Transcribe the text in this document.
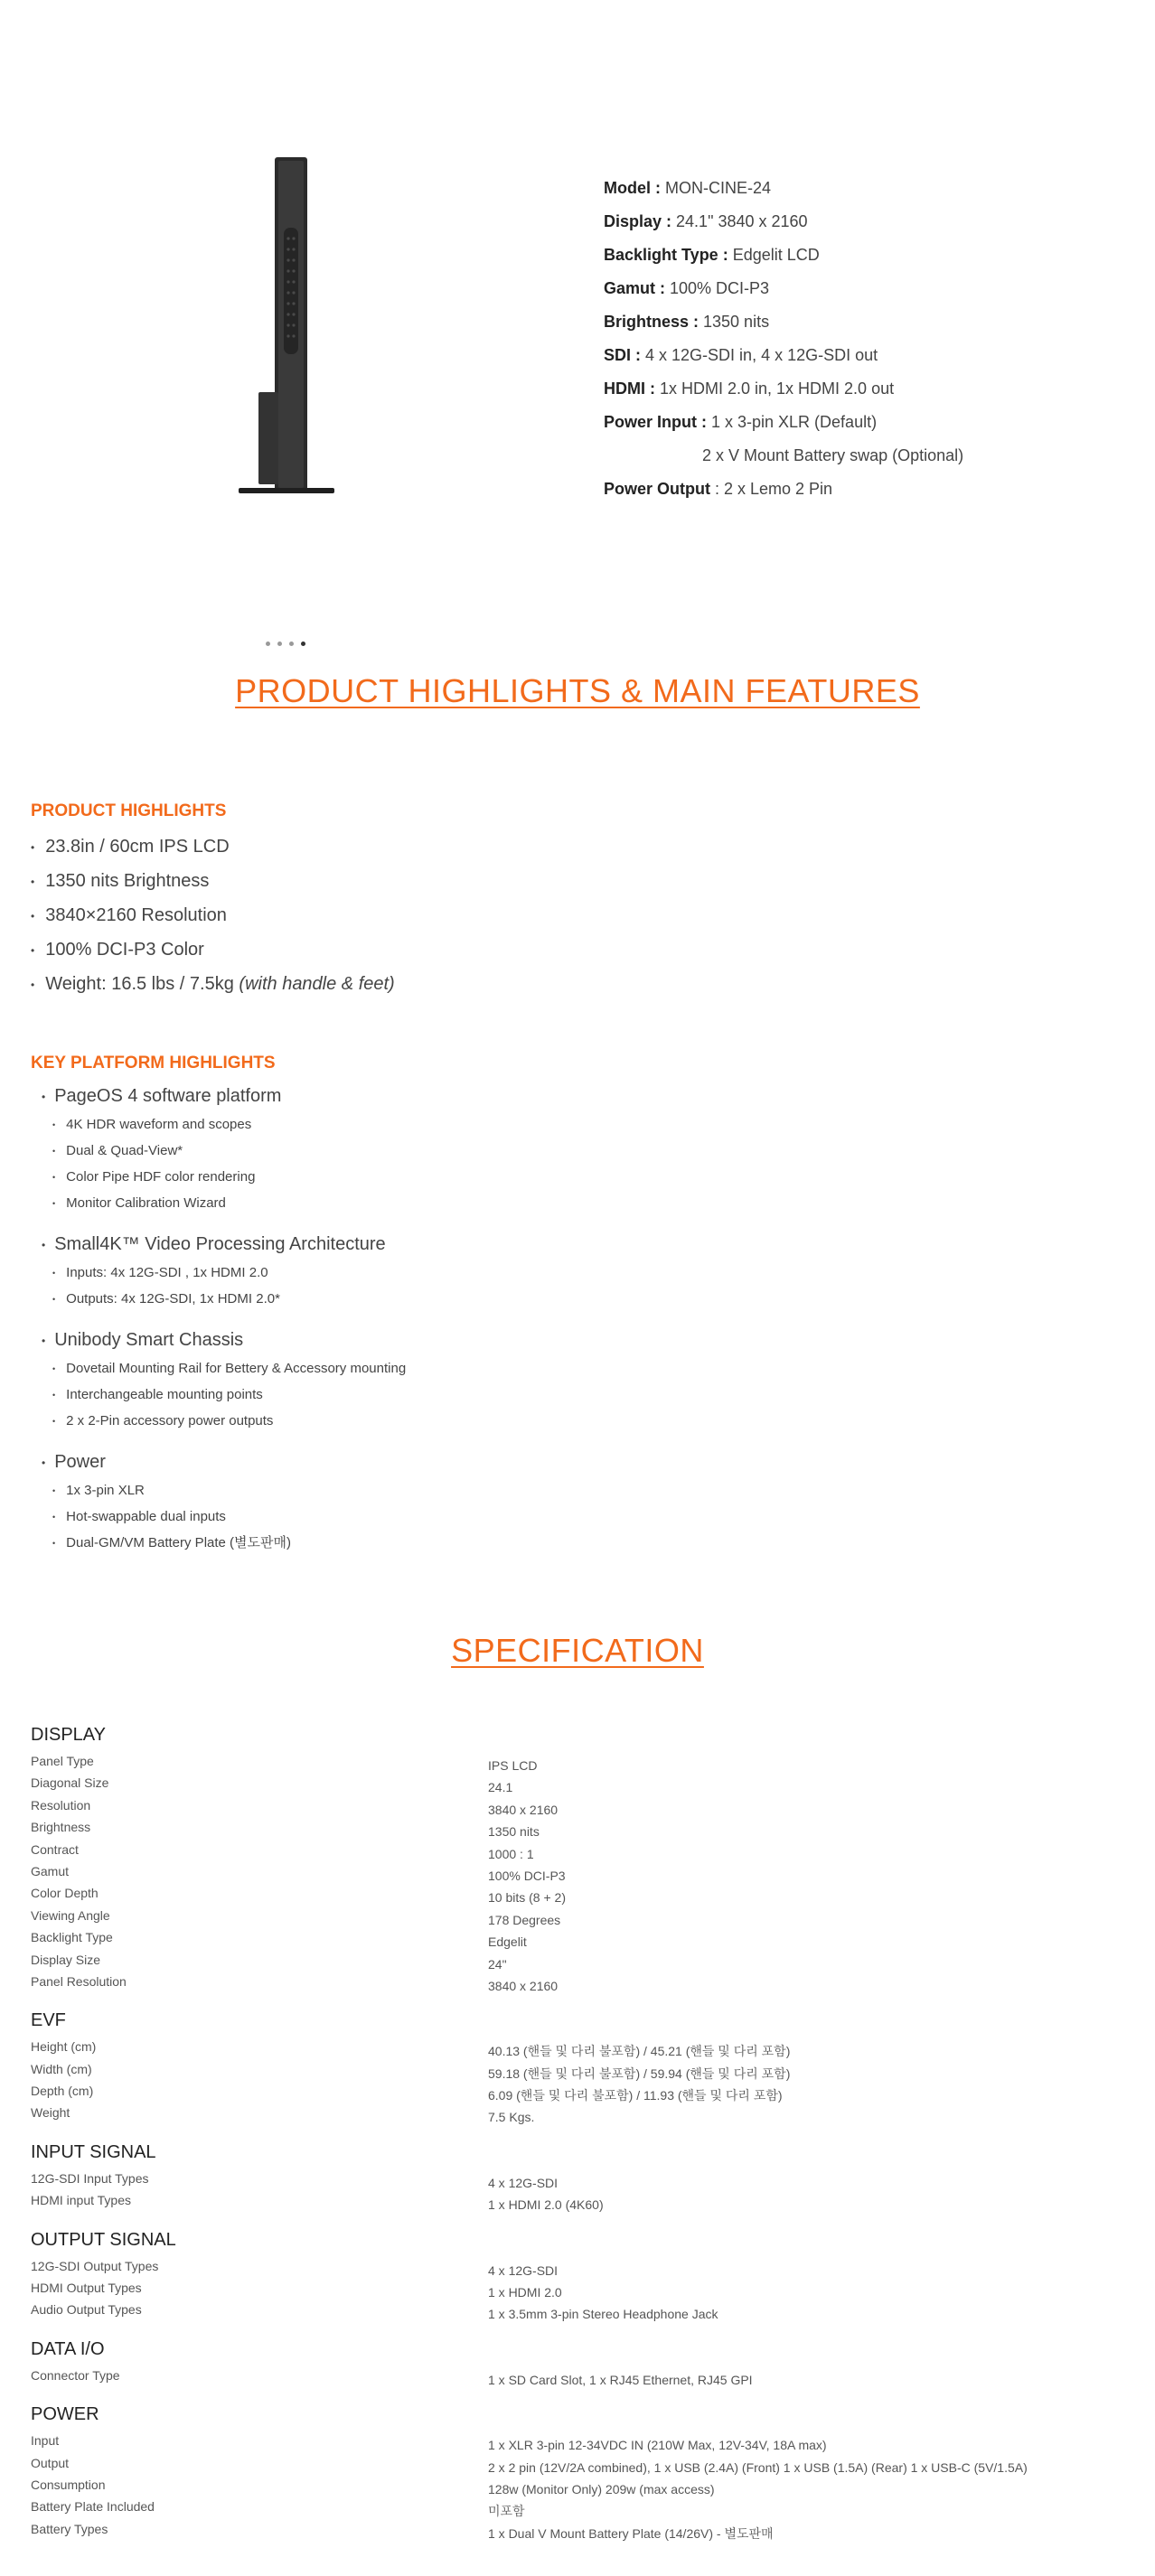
Model : MON-CINE-24
Display : 24.1" 3840 x 2160
Backlight Type : Edgelit LCD
Gamut : 100% DCI-P3
Brightness : 1350 nits
SDI : 4 x 12G-SDI in, 4 x 12G-SDI out
HDMI : 1x HDMI 2.0 in, 1x HDMI 2.0 out
Power Input : 1 x 3-pin XLR (Default)
2 x V Mount Battery swap (Optional)
Power Output : 2 x Lemo 2 Pin
PRODUCT HIGHLIGHTS & MAIN FEATURES
PRODUCT HIGHLIGHTS
• 23.8in / 60cm IPS LCD
• 1350 nits Brightness
• 3840×2160 Resolution
• 100% DCI-P3 Color
• Weight: 16.5 lbs / 7.5kg (with handle & feet)
KEY PLATFORM HIGHLIGHTS
• PageOS 4 software platform
• 4K HDR waveform and scopes
• Dual & Quad-View*
• Color Pipe HDF color rendering
• Monitor Calibration Wizard
• Small4K™ Video Processing Architecture
• Inputs: 4x 12G-SDI , 1x HDMI 2.0
• Outputs: 4x 12G-SDI, 1x HDMI 2.0*
• Unibody Smart Chassis
• Dovetail Mounting Rail for Bettery & Accessory mounting
• Interchangeable mounting points
• 2 x 2-Pin accessory power outputs
• Power
• 1x 3-pin XLR
• Hot-swappable dual inputs
• Dual-GM/VM Battery Plate (별도판매)
SPECIFICATION
DISPLAY
Panel Type	IPS LCD
Diagonal Size	24.1
Resolution	3840 x 2160
Brightness	1350 nits
Contract	1000 : 1
Gamut	100% DCI-P3
Color Depth	10 bits (8 + 2)
Viewing Angle	178 Degrees
Backlight Type	Edgelit
Display Size	24"
Panel Resolution	3840 x 2160
EVF
Height (cm)	40.13 (핸들 및 다리 불포함) / 45.21 (핸들 및 다리 포함)
Width (cm)	59.18 (핸들 및 다리 불포함) / 59.94 (핸들 및 다리 포함)
Depth (cm)	6.09 (핸들 및 다리 불포함) / 11.93 (핸들 및 다리 포함)
Weight	7.5 Kgs.
INPUT SIGNAL
12G-SDI Input Types	4 x 12G-SDI
HDMI input Types	1 x HDMI 2.0 (4K60)
OUTPUT SIGNAL
12G-SDI Output Types	4 x 12G-SDI
HDMI Output Types	1 x HDMI 2.0
Audio Output Types	1 x 3.5mm 3-pin Stereo Headphone Jack
DATA I/O
Connector Type	1 x SD Card Slot, 1 x RJ45 Ethernet, RJ45 GPI
POWER
Input	1 x XLR 3-pin 12-34VDC IN (210W Max, 12V-34V, 18A max)
Output	2 x 2 pin (12V/2A combined), 1 x USB (2.4A) (Front) 1 x USB (1.5A) (Rear) 1 x USB-C (5V/1.5A)
Consumption	128w (Monitor Only) 209w (max access)
Battery Plate Included	미포함
Battery Types	1 x Dual V Mount Battery Plate (14/26V) - 별도판매
